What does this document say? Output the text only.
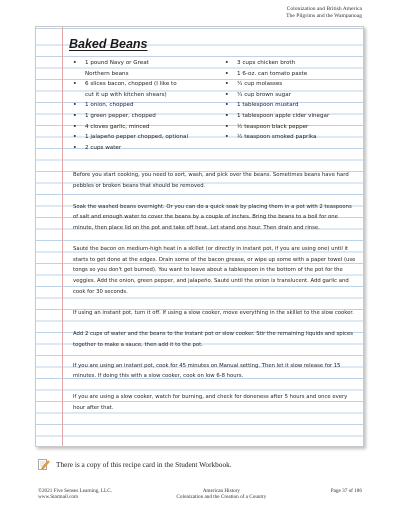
Colonization and British America
The Pilgrims and the Wampanoag
Baked Beans
• 1 pound Navy or Great
Northern beans
• 6 slices bacon, chopped (I like to
cut it up with kitchen shears)
• 1 onion, chopped
• 1 green pepper, chopped
• 4 cloves garlic, minced
• 1 jalapeño pepper chopped, optional
• 2 cups water
• 3 cups chicken broth
• 1 6-oz. can tomato paste
• ¼ cup molasses
• ¼ cup brown sugar
• 1 tablespoon mustard
• 1 tablespoon apple cider vinegar
• ½ teaspoon black pepper
• ½ teaspoon smoked paprika

Before you start cooking, you need to sort, wash, and pick over the beans. Sometimes beans have hard pebbles or broken beans that should be removed.

Soak the washed beans overnight. Or you can do a quick soak by placing them in a pot with 2 teaspoons of salt and enough water to cover the beans by a couple of inches. Bring the beans to a boil for one minute, then place lid on the pot and take off heat. Let stand one hour. Then drain and rinse.

Sauté the bacon on medium-high heat in a skillet (or directly in instant pot, if you are using one) until it starts to get done at the edges. Drain some of the bacon grease, or wipe up some with a paper towel (use tongs so you don't get burned). You want to leave about a tablespoon in the bottom of the pot for the veggies. Add the onion, green pepper, and jalapeño. Sauté until the onion is translucent. Add garlic and cook for 30 seconds.

If using an instant pot, turn it off. If using a slow cooker, move everything in the skillet to the slow cooker.

Add 2 cups of water and the beans to the instant pot or slow cooker. Stir the remaining liquids and spices together to make a sauce, then add it to the pot.

If you are using an instant pot, cook for 45 minutes on Manual setting. Then let it slow release for 15 minutes. If doing this with a slow cooker, cook on low 6-8 hours.

If you are using a slow cooker, watch for burning, and check for doneness after 5 hours and once every hour after that.

There is a copy of this recipe card in the Student Workbook.
©2021 Five Senses Learning, LLC.
www.Starmail.com
American History
Colonization and the Creation of a Country
Page 37 of 186
